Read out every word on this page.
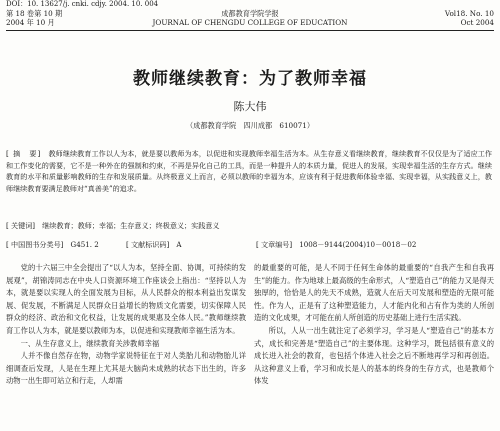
DOI：10. 13627/j. cnki. cdjy. 2004. 10. 004
第 18 卷第 10 期
2004 年 10 月
成都教育学院学报
JOURNAL OF CHENGDU COLLEGE OF EDUCATION
Vol18. No. 10
Oct 2004
教师继续教育：为了教师幸福
陈大伟
（成都教育学院　四川成都　610071）
[ 摘　要]　 教师继续教育工作以人为本，就是要以教师为本，以促进和实现教师幸福生活为本。从生存意义看继续教育，继续教育不仅仅是为了适应工作和工作变化的需要，它不是一种外在的强制和约束，不再是异化自己的工具，而是一种提升人的本质力量，促进人的发展，实现幸福生活的生存方式。继续教育的水平和质量影响教师的生存和发展质量。从终极意义上而言，必须以教师的幸福为本，应该有利于促进教师体验幸福、实现幸福，从实践意义上，教师继续教育要满足教师对“真善美”的追求。
[ 关键词]　 继续教育；教师；幸福；生存意义；终极意义；实践意义
[ 中国图书分类号]　G451. 2	[ 文献标识码]　A	[ 文章编号]　1008－9144(2004)10－0018－02

党的十六届三中全会提出了“以人为本，坚持全面、协调，可持续的发展观”，胡锦涛同志在中央人口资源环境工作座谈会上指出：“坚持以人为本，就是要以实现人的全面发展为目标，从人民群众的根本利益出发谋发展、促发展，不断满足人民群众日益增长的物质文化需要，切实保障人民群众的经济、政治和文化权益，让发展的成果惠及全体人民。”教师继续教育工作以人为本，就是要以教师为本，以促进和实现教师幸福生活为本。

一、从生存意义上，继续教育关涉教师幸福

人并不像自然存在物，动物学家说特征在于对人类胎儿和动物胎儿详细调查后发现，人是在生理上尤其是大脑尚未成熟的状态下出生的，许多动物一出生即可站立和行走，人却需

的最重要的可能，是人不同于任何生命体的最重要的“自我产生和自我再生”的能力。作为地球上最高级的生命形式，人“塑造自己”的能力又是得天独厚的，恰恰是人的先天不成熟，造就人在后天可发展和塑造的无限可能性。作为人，正是有了这种塑造能力，人才能内化和占有作为类的人所创造的文化成果，才可能在前人所创造的历史基础上进行生活实践。

所以，人从一出生就注定了必须学习，学习是人“塑造自己”的基本方式，成长和完善是“塑造自己”的主要体现。这种学习，既包括很有意义的成长进入社会的教育，也包括个体进入社会之后不断地再学习和再创造。从这种意义上看，学习和成长是人的基本的终身的生存方式，也是教师个体发
